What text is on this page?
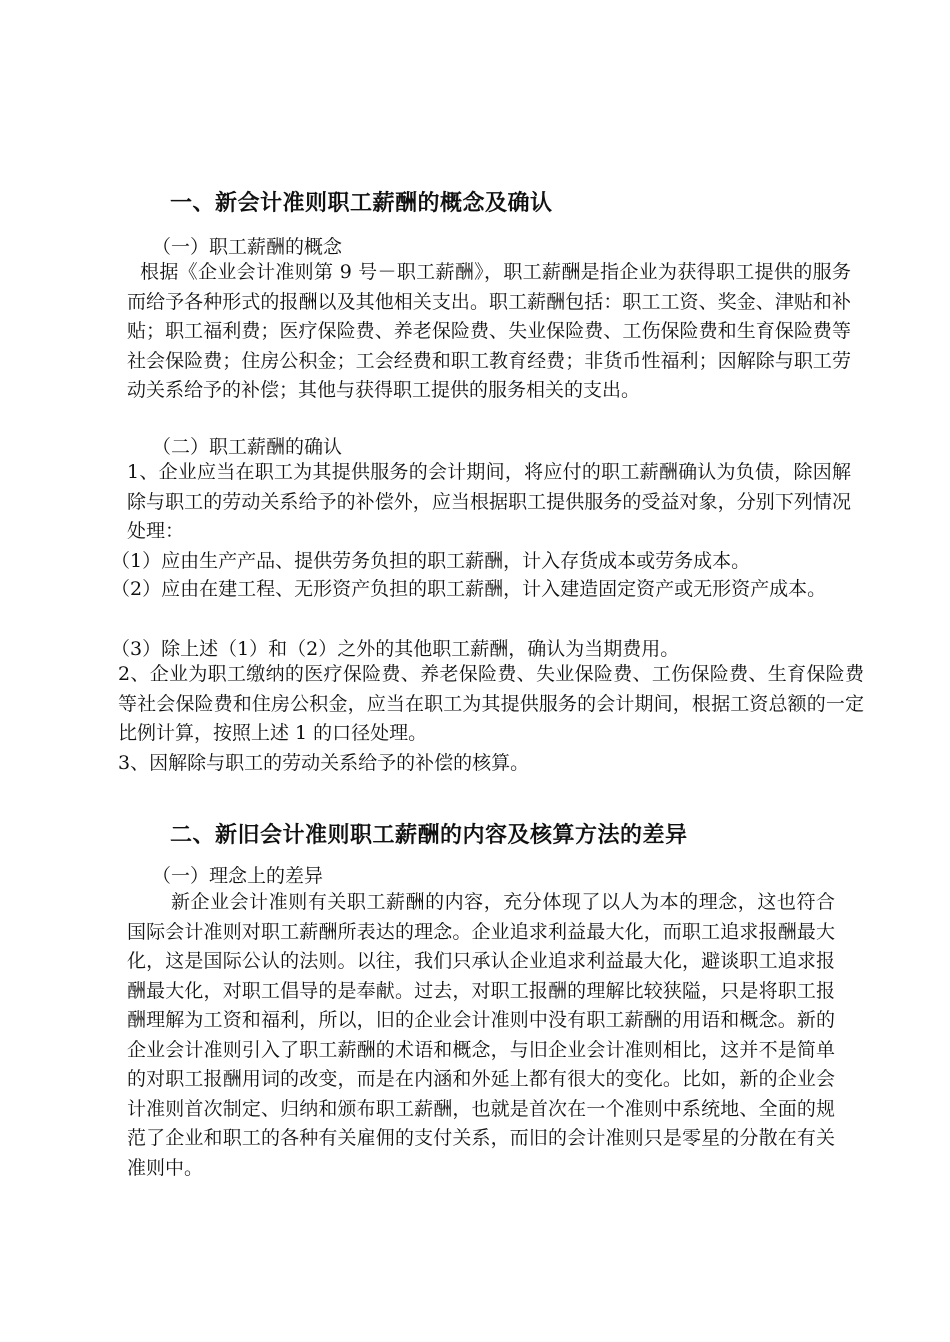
一、新会计准则职工薪酬的概念及确认

（一）职工薪酬的概念

根据《企业会计准则第 9 号－职工薪酬》，职工薪酬是指企业为获得职工提供的服务而给予各种形式的报酬以及其他相关支出。职工薪酬包括：职工工资、奖金、津贴和补贴；职工福利费；医疗保险费、养老保险费、失业保险费、工伤保险费和生育保险费等社会保险费；住房公积金；工会经费和职工教育经费；非货币性福利；因解除与职工劳动关系给予的补偿；其他与获得职工提供的服务相关的支出。

（二）职工薪酬的确认

1、企业应当在职工为其提供服务的会计期间，将应付的职工薪酬确认为负债，除因解除与职工的劳动关系给予的补偿外，应当根据职工提供服务的受益对象，分别下列情况处理：

（1）应由生产产品、提供劳务负担的职工薪酬，计入存货成本或劳务成本。

（2）应由在建工程、无形资产负担的职工薪酬，计入建造固定资产或无形资产成本。

（3）除上述（1）和（2）之外的其他职工薪酬，确认为当期费用。

2、企业为职工缴纳的医疗保险费、养老保险费、失业保险费、工伤保险费、生育保险费等社会保险费和住房公积金，应当在职工为其提供服务的会计期间，根据工资总额的一定比例计算，按照上述 1 的口径处理。

3、因解除与职工的劳动关系给予的补偿的核算。

二、新旧会计准则职工薪酬的内容及核算方法的差异

（一）理念上的差异

新企业会计准则有关职工薪酬的内容，充分体现了以人为本的理念，这也符合国际会计准则对职工薪酬所表达的理念。企业追求利益最大化，而职工追求报酬最大化，这是国际公认的法则。以往，我们只承认企业追求利益最大化，避谈职工追求报酬最大化，对职工倡导的是奉献。过去，对职工报酬的理解比较狭隘，只是将职工报酬理解为工资和福利，所以，旧的企业会计准则中没有职工薪酬的用语和概念。新的企业会计准则引入了职工薪酬的术语和概念，与旧企业会计准则相比，这并不是简单的对职工报酬用词的改变，而是在内涵和外延上都有很大的变化。比如，新的企业会计准则首次制定、归纳和颁布职工薪酬，也就是首次在一个准则中系统地、全面的规范了企业和职工的各种有关雇佣的支付关系，而旧的会计准则只是零星的分散在有关准则中。
